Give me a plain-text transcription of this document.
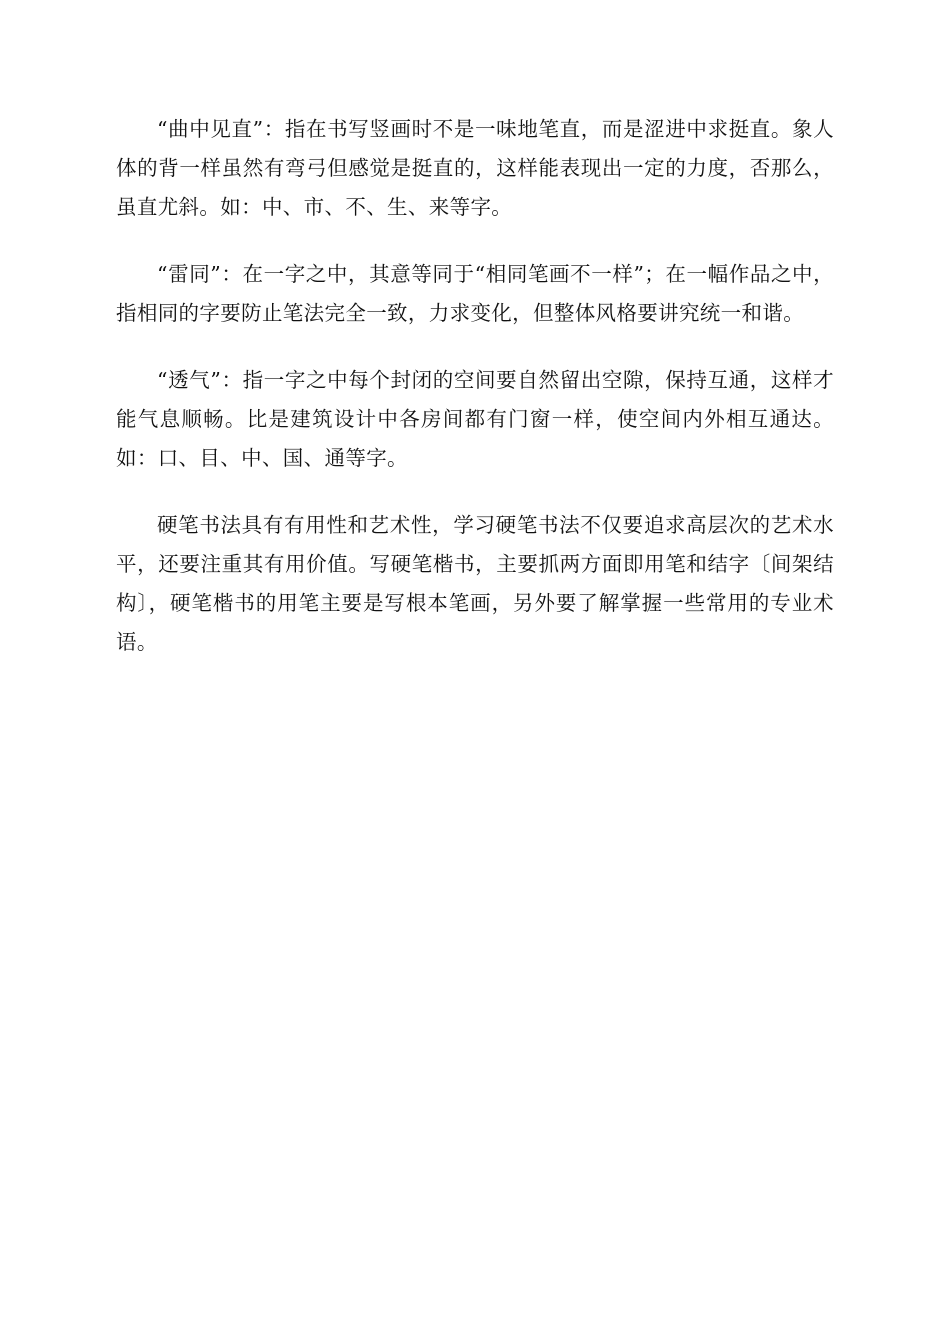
“曲中见直”：指在书写竖画时不是一味地笔直，而是涩进中求挺直。象人体的背一样虽然有弯弓但感觉是挺直的，这样能表现出一定的力度，否那么，虽直尤斜。如：中、市、不、生、来等字。

“雷同”：在一字之中，其意等同于“相同笔画不一样”；在一幅作品之中，指相同的字要防止笔法完全一致，力求变化，但整体风格要讲究统一和谐。

“透气”：指一字之中每个封闭的空间要自然留出空隙，保持互通，这样才能气息顺畅。比是建筑设计中各房间都有门窗一样，使空间内外相互通达。如：口、目、中、国、通等字。

硬笔书法具有有用性和艺术性，学习硬笔书法不仅要追求高层次的艺术水平，还要注重其有用价值。写硬笔楷书，主要抓两方面即用笔和结字〔间架结构〕，硬笔楷书的用笔主要是写根本笔画，另外要了解掌握一些常用的专业术语。
